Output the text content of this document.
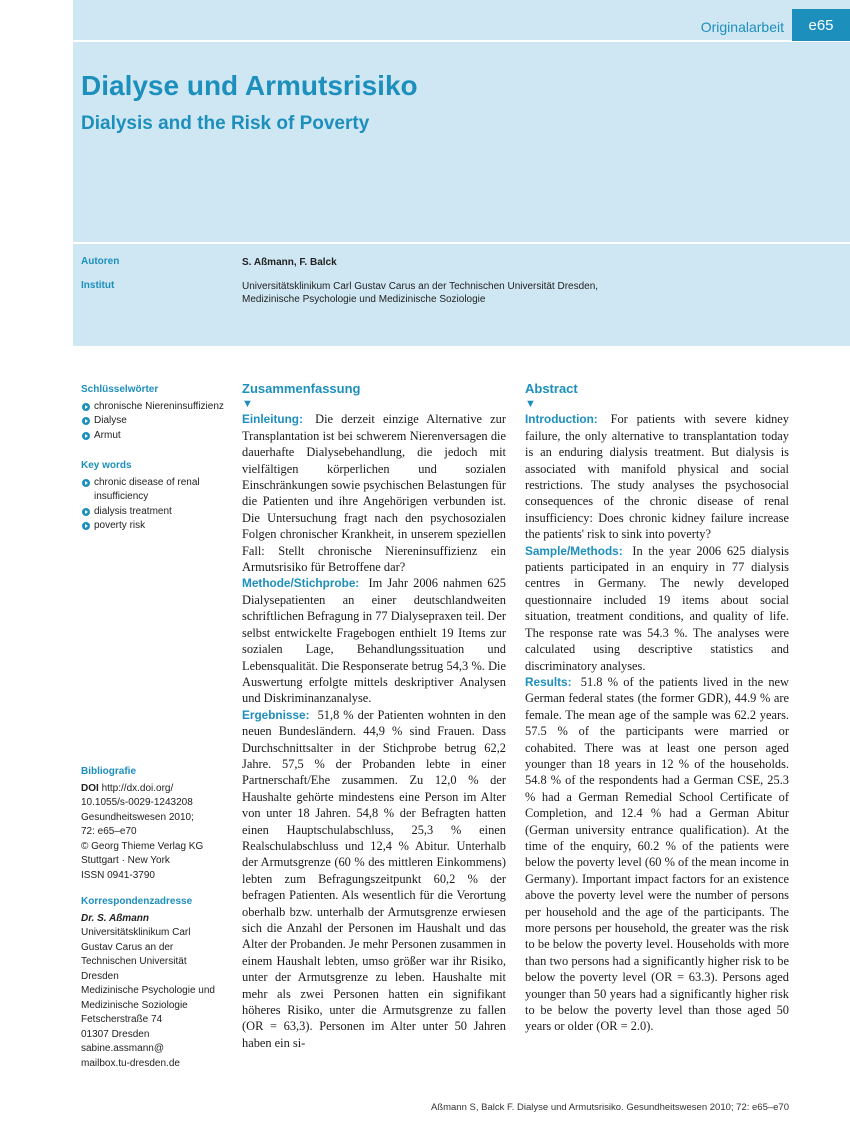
Originalarbeit	e65
Dialyse und Armutsrisiko
Dialysis and the Risk of Poverty
Autoren	S. Aßmann, F. Balck
Institut	Universitätsklinikum Carl Gustav Carus an der Technischen Universität Dresden,
Medizinische Psychologie und Medizinische Soziologie
Schlüsselwörter
chronische Niereninsuffizienz
Dialyse
Armut
Key words
chronic disease of renal insufficiency
dialysis treatment
poverty risk
Bibliografie
DOI http://dx.doi.org/
10.1055/s-0029-1243208
Gesundheitswesen 2010;
72: e65–e70
© Georg Thieme Verlag KG
Stuttgart · New York
ISSN 0941-3790
Korrespondenzadresse
Dr. S. Aßmann
Universitätsklinikum Carl
Gustav Carus an der
Technischen Universität
Dresden
Medizinische Psychologie und
Medizinische Soziologie
Fetscherstraße 74
01307 Dresden
sabine.assmann@
mailbox.tu-dresden.de
Zusammenfassung
▼

Einleitung: Die derzeit einzige Alternative zur Transplantation ist bei schwerem Nierenversagen die dauerhafte Dialysebehandlung, die jedoch mit vielfältigen körperlichen und sozialen Einschränkungen sowie psychischen Belastungen für die Patienten und ihre Angehörigen verbunden ist. Die Untersuchung fragt nach den psychosozialen Folgen chronischer Krankheit, in unserem speziellen Fall: Stellt chronische Niereninsuffizienz ein Armutsrisiko für Betroffene dar?

Methode/Stichprobe: Im Jahr 2006 nahmen 625 Dialysepatienten an einer deutschlandweiten schriftlichen Befragung in 77 Dialysepraxen teil. Der selbst entwickelte Fragebogen enthielt 19 Items zur sozialen Lage, Behandlungssituation und Lebensqualität. Die Responserate betrug 54,3 %. Die Auswertung erfolgte mittels deskriptiver Analysen und Diskriminanzanalyse.

Ergebnisse: 51,8 % der Patienten wohnten in den neuen Bundesländern. 44,9 % sind Frauen. Dass Durchschnittsalter in der Stichprobe betrug 62,2 Jahre. 57,5 % der Probanden lebte in einer Partnerschaft/Ehe zusammen. Zu 12,0 % der Haushalte gehörte mindestens eine Person im Alter von unter 18 Jahren. 54,8 % der Befragten hatten einen Hauptschulabschluss, 25,3 % einen Realschulabschluss und 12,4 % Abitur. Unterhalb der Armutsgrenze (60 % des mittleren Einkommens) lebten zum Befragungszeitpunkt 60,2 % der befragen Patienten. Als wesentlich für die Verortung oberhalb bzw. unterhalb der Armutsgrenze erwiesen sich die Anzahl der Personen im Haushalt und das Alter der Probanden. Je mehr Personen zusammen in einem Haushalt lebten, umso größer war ihr Risiko, unter der Armutsgrenze zu leben. Haushalte mit mehr als zwei Personen hatten ein signifikant höheres Risiko, unter die Armutsgrenze zu fallen (OR = 63,3). Personen im Alter unter 50 Jahren haben ein si-

Abstract
▼

Introduction: For patients with severe kidney failure, the only alternative to transplantation today is an enduring dialysis treatment. But dialysis is associated with manifold physical and social restrictions. The study analyses the psychosocial consequences of the chronic disease of renal insufficiency: Does chronic kidney failure increase the patients' risk to sink into poverty?

Sample/Methods: In the year 2006 625 dialysis patients participated in an enquiry in 77 dialysis centres in Germany. The newly developed questionnaire included 19 items about social situation, treatment conditions, and quality of life. The response rate was 54.3 %. The analyses were calculated using descriptive statistics and discriminatory analyses.

Results: 51.8 % of the patients lived in the new German federal states (the former GDR), 44.9 % are female. The mean age of the sample was 62.2 years. 57.5 % of the participants were married or cohabited. There was at least one person aged younger than 18 years in 12 % of the households. 54.8 % of the respondents had a German CSE, 25.3 % had a German Remedial School Certificate of Completion, and 12.4 % had a German Abitur (German university entrance qualification). At the time of the enquiry, 60.2 % of the patients were below the poverty level (60 % of the mean income in Germany). Important impact factors for an existence above the poverty level were the number of persons per household and the age of the participants. The more persons per household, the greater was the risk to be below the poverty level. Households with more than two persons had a significantly higher risk to be below the poverty level (OR = 63.3). Persons aged younger than 50 years had a significantly higher risk to be below the poverty level than those aged 50 years or older (OR = 2.0).

Aßmann S, Balck F. Dialyse und Armutsrisiko. Gesundheitswesen 2010; 72: e65–e70
